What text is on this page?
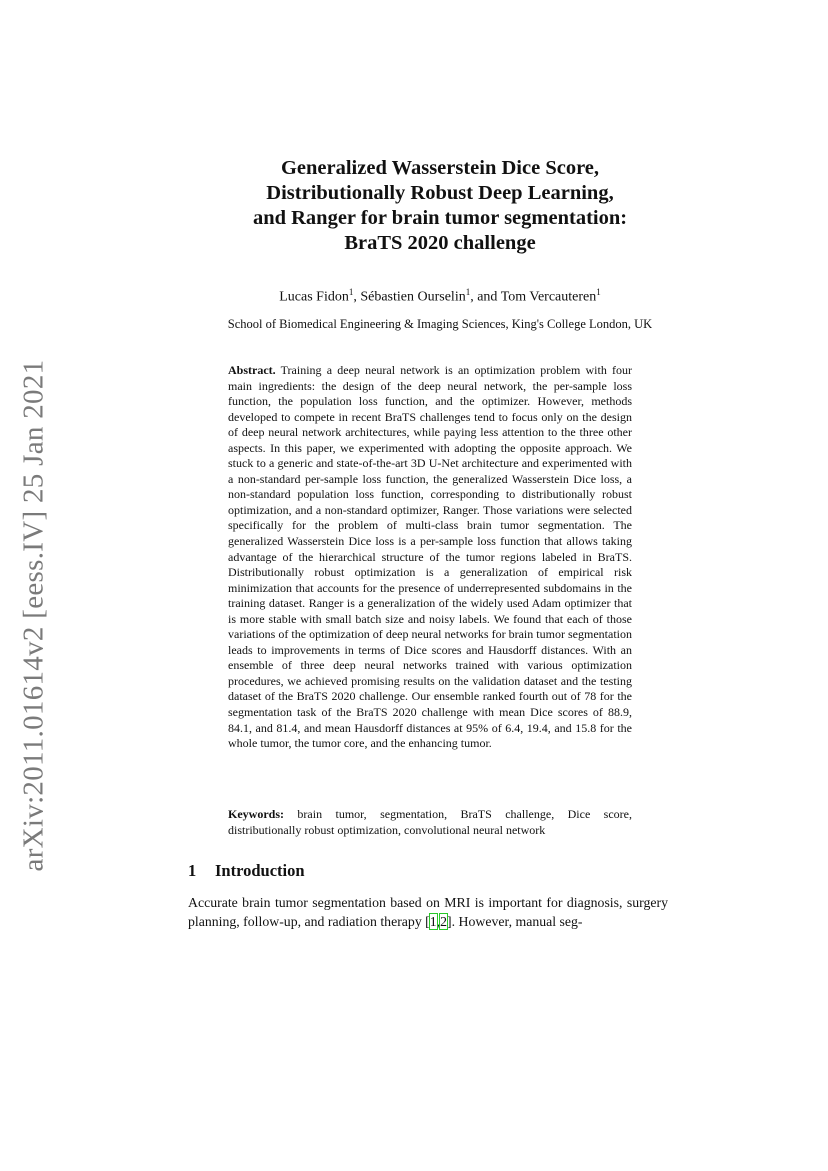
arXiv:2011.01614v2 [eess.IV] 25 Jan 2021
Generalized Wasserstein Dice Score,
Distributionally Robust Deep Learning,
and Ranger for brain tumor segmentation:
BraTS 2020 challenge
Lucas Fidon$^1$, Sébastien Ourselin$^1$, and Tom Vercauteren$^1$
School of Biomedical Engineering & Imaging Sciences, King's College London, UK
Abstract. Training a deep neural network is an optimization problem with four main ingredients: the design of the deep neural network, the per-sample loss function, the population loss function, and the optimizer. However, methods developed to compete in recent BraTS challenges tend to focus only on the design of deep neural network architectures, while paying less attention to the three other aspects. In this paper, we experimented with adopting the opposite approach. We stuck to a generic and state-of-the-art 3D U-Net architecture and experimented with a non-standard per-sample loss function, the generalized Wasserstein Dice loss, a non-standard population loss function, corresponding to distributionally robust optimization, and a non-standard optimizer, Ranger. Those variations were selected specifically for the problem of multi-class brain tumor segmentation. The generalized Wasserstein Dice loss is a per-sample loss function that allows taking advantage of the hierarchical structure of the tumor regions labeled in BraTS. Distributionally robust optimization is a generalization of empirical risk minimization that accounts for the presence of underrepresented subdomains in the training dataset. Ranger is a generalization of the widely used Adam optimizer that is more stable with small batch size and noisy labels. We found that each of those variations of the optimization of deep neural networks for brain tumor segmentation leads to improvements in terms of Dice scores and Hausdorff distances. With an ensemble of three deep neural networks trained with various optimization procedures, we achieved promising results on the validation dataset and the testing dataset of the BraTS 2020 challenge. Our ensemble ranked fourth out of 78 for the segmentation task of the BraTS 2020 challenge with mean Dice scores of 88.9, 84.1, and 81.4, and mean Hausdorff distances at 95% of 6.4, 19.4, and 15.8 for the whole tumor, the tumor core, and the enhancing tumor.
Keywords: brain tumor, segmentation, BraTS challenge, Dice score, distributionally robust optimization, convolutional neural network
1 Introduction
Accurate brain tumor segmentation based on MRI is important for diagnosis, surgery planning, follow-up, and radiation therapy [1,2]. However, manual seg-
